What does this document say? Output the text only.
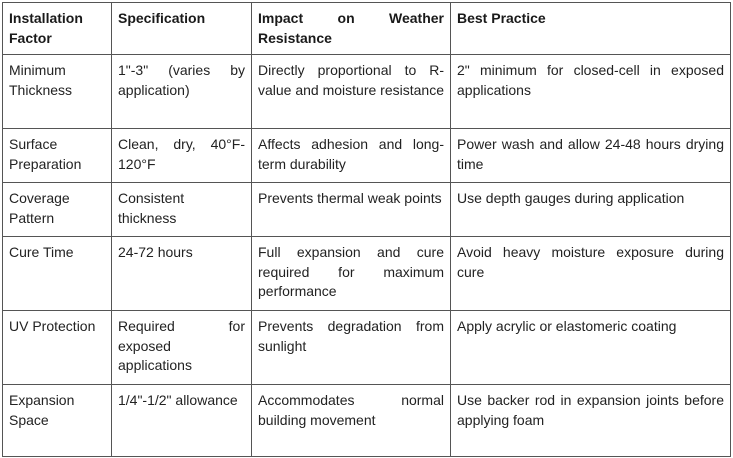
Installation Factor	Specification	Impact on Weather Resistance	Best Practice
Minimum Thickness	1"-3" (varies by application)	Directly proportional to R-value and moisture resistance	2" minimum for closed-cell in exposed applications
Surface Preparation	Clean, dry, 40°F-120°F	Affects adhesion and long-term durability	Power wash and allow 24-48 hours drying time
Coverage Pattern	Consistent thickness	Prevents thermal weak points	Use depth gauges during application
Cure Time	24-72 hours	Full expansion and cure required for maximum performance	Avoid heavy moisture exposure during cure
UV Protection	Required for exposed applications	Prevents degradation from sunlight	Apply acrylic or elastomeric coating
Expansion Space	1/4"-1/2" allowance	Accommodates normal building movement	Use backer rod in expansion joints before applying foam
